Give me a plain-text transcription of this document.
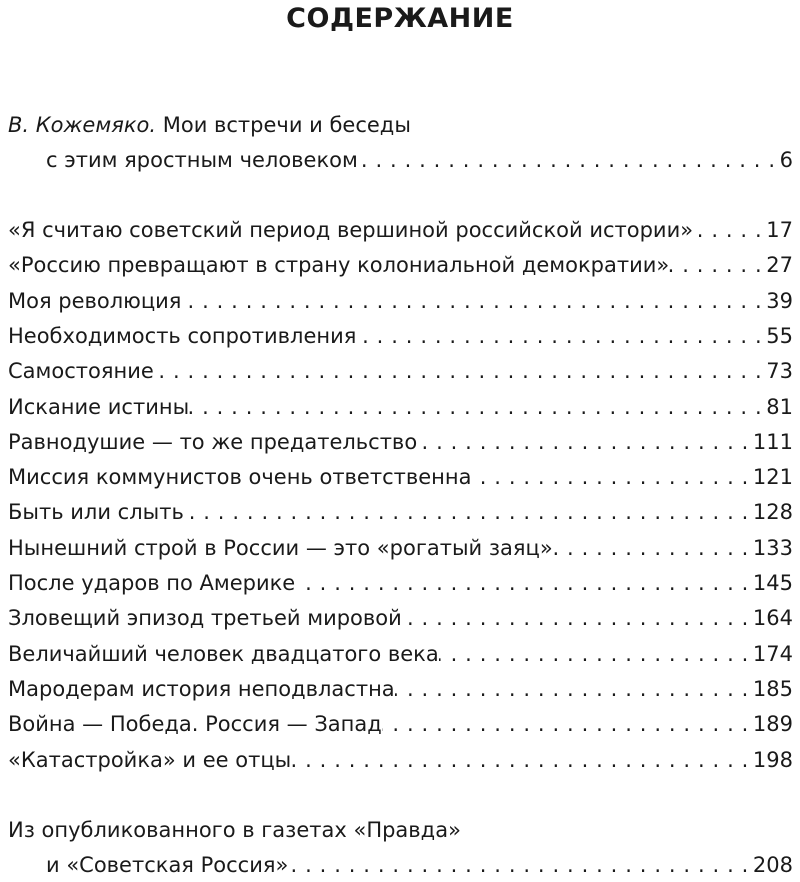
СОДЕРЖАНИЕ
В. Кожемяко. Мои встречи и беседы
с этим яростным человеком . . .	6
«Я считаю советский период вершиной российской истории» . . .	17
«Россию превращают в страну колониальной демократии» . . .	27
Моя революция . . .	39
Необходимость сопротивления . . .	55
Самостояние . . .	73
Искание истины . . .	81
Равнодушие — то же предательство . . .	111
Миссия коммунистов очень ответственна . . .	121
Быть или слыть . . .	128
Нынешний строй в России — это «рогатый заяц» . . .	133
После ударов по Америке . . .	145
Зловещий эпизод третьей мировой . . .	164
Величайший человек двадцатого века . . .	174
Мародерам история неподвластна . . .	185
Война — Победа. Россия — Запад . . .	189
«Катастройка» и ее отцы . . .	198
Из опубликованного в газетах «Правда»
и «Советская Россия» . . .	208
